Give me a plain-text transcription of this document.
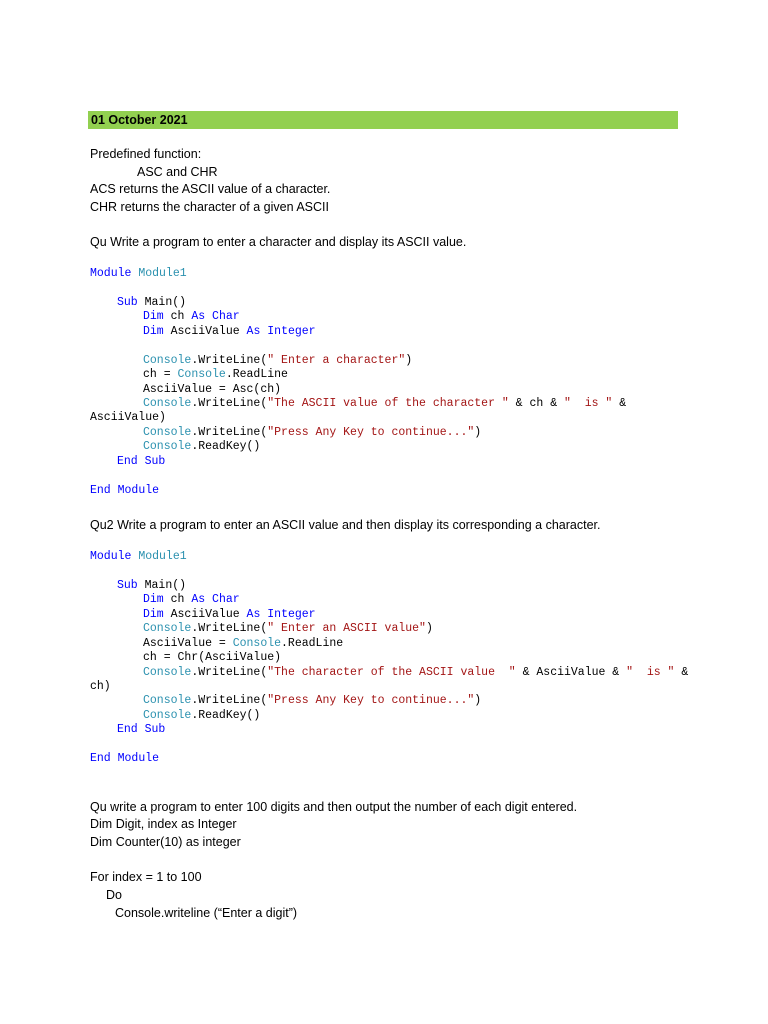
01 October 2021
Predefined function:
ASC and CHR
ACS returns the ASCII value of a character.
CHR returns the character of a given ASCII
Qu Write a program to enter a character and display its ASCII value.
Module Module1
Sub Main()
Dim ch As Char
Dim AsciiValue As Integer
Console.WriteLine(" Enter a character")
ch = Console.ReadLine
AsciiValue = Asc(ch)
Console.WriteLine("The ASCII value of the character " & ch & "  is " &
AsciiValue)
Console.WriteLine("Press Any Key to continue...")
Console.ReadKey()
End Sub
End Module
Qu2 Write a program to enter an ASCII value and then display its corresponding a character.
Module Module1
Sub Main()
Dim ch As Char
Dim AsciiValue As Integer
Console.WriteLine(" Enter an ASCII value")
AsciiValue = Console.ReadLine
ch = Chr(AsciiValue)
Console.WriteLine("The character of the ASCII value  " & AsciiValue & "  is " &
ch)
Console.WriteLine("Press Any Key to continue...")
Console.ReadKey()
End Sub
End Module
Qu write a program to enter 100 digits and then output the number of each digit entered.
Dim Digit, index as Integer
Dim Counter(10) as integer
For index = 1 to 100
Do
Console.writeline (“Enter a digit”)
